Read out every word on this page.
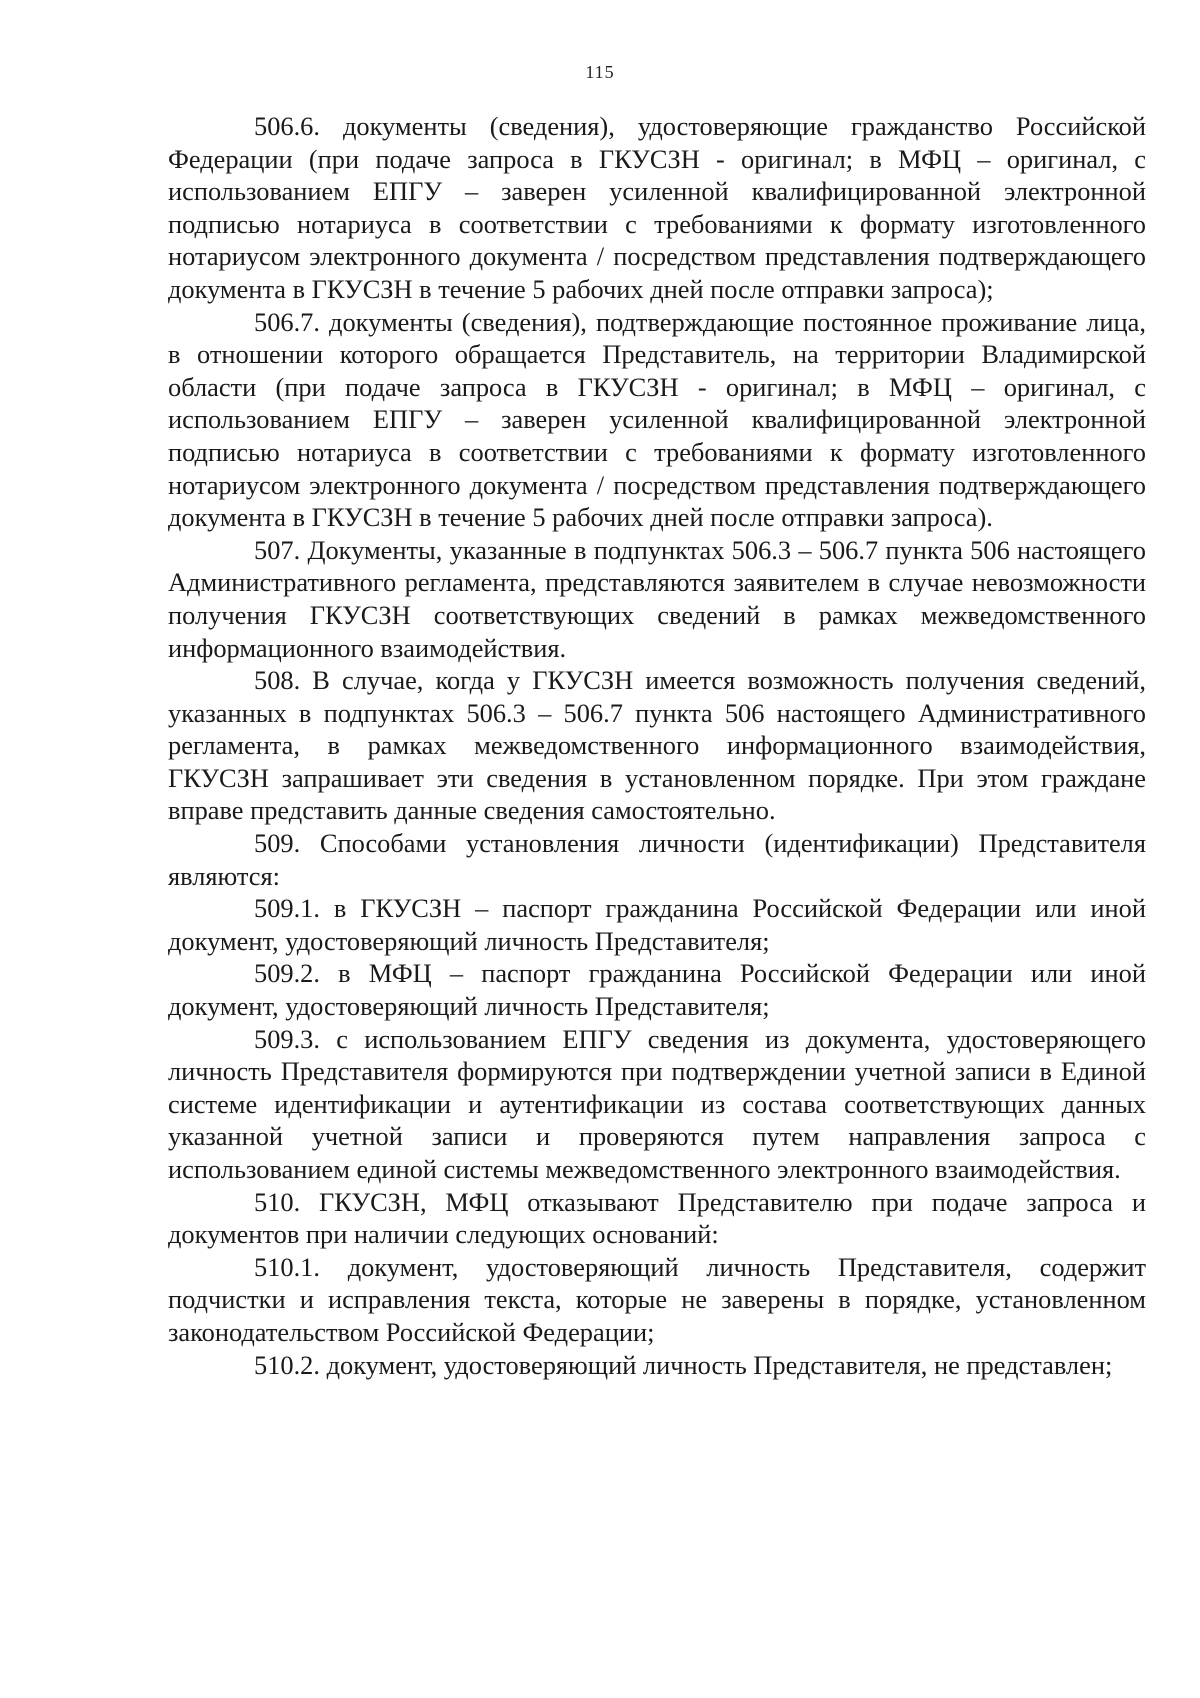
115

506.6. документы (сведения), удостоверяющие гражданство Российской Федерации (при подаче запроса в ГКУСЗН - оригинал; в МФЦ – оригинал, с использованием ЕПГУ – заверен усиленной квалифицированной электронной подписью нотариуса в соответствии с требованиями к формату изготовленного нотариусом электронного документа / посредством представления подтверждающего документа в ГКУСЗН в течение 5 рабочих дней после отправки запроса);

506.7. документы (сведения), подтверждающие постоянное проживание лица, в отношении которого обращается Представитель, на территории Владимирской области (при подаче запроса в ГКУСЗН - оригинал; в МФЦ – оригинал, с использованием ЕПГУ – заверен усиленной квалифицированной электронной подписью нотариуса в соответствии с требованиями к формату изготовленного нотариусом электронного документа / посредством представления подтверждающего документа в ГКУСЗН в течение 5 рабочих дней после отправки запроса).

507. Документы, указанные в подпунктах 506.3 – 506.7 пункта 506 настоящего Административного регламента, представляются заявителем в случае невозможности получения ГКУСЗН соответствующих сведений в рамках межведомственного информационного взаимодействия.

508. В случае, когда у ГКУСЗН имеется возможность получения сведений, указанных в подпунктах 506.3 – 506.7 пункта 506 настоящего Административного регламента, в рамках межведомственного информационного взаимодействия, ГКУСЗН запрашивает эти сведения в установленном порядке. При этом граждане вправе представить данные сведения самостоятельно.

509. Способами установления личности (идентификации) Представителя являются:

509.1. в ГКУСЗН – паспорт гражданина Российской Федерации или иной документ, удостоверяющий личность Представителя;

509.2. в МФЦ – паспорт гражданина Российской Федерации или иной документ, удостоверяющий личность Представителя;

509.3. с использованием ЕПГУ сведения из документа, удостоверяющего личность Представителя формируются при подтверждении учетной записи в Единой системе идентификации и аутентификации из состава соответствующих данных указанной учетной записи и проверяются путем направления запроса с использованием единой системы межведомственного электронного взаимодействия.

510. ГКУСЗН, МФЦ отказывают Представителю при подаче запроса и документов при наличии следующих оснований:

510.1. документ, удостоверяющий личность Представителя, содержит подчистки и исправления текста, которые не заверены в порядке, установленном законодательством Российской Федерации;

510.2. документ, удостоверяющий личность Представителя, не представлен;
